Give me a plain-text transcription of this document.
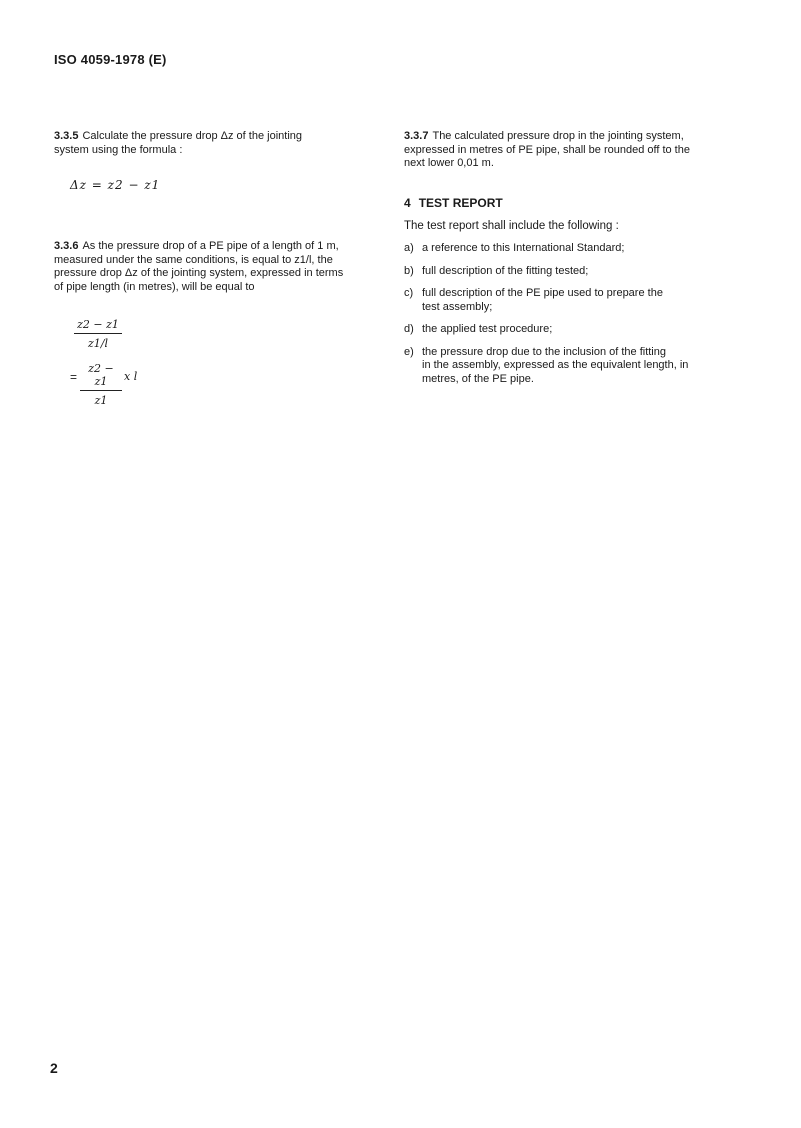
ISO 4059-1978 (E)

3.3.5 Calculate the pressure drop Δz of the jointing
system using the formula :

Δz = z2 − z1

3.3.6 As the pressure drop of a PE pipe of a length of 1 m,
measured under the same conditions, is equal to z1/l, the
pressure drop Δz of the jointing system, expressed in terms
of pipe length (in metres), will be equal to

$\frac{z2 - z1}{z1/l}$
= $\frac{z2 - z1}{z1}$ x l

3.3.7 The calculated pressure drop in the jointing system,
expressed in metres of PE pipe, shall be rounded off to the
next lower 0,01 m.

4 TEST REPORT

The test report shall include the following :

a) a reference to this International Standard;
b) full description of the fitting tested;
c) full description of the PE pipe used to prepare the
test assembly;
d) the applied test procedure;
e) the pressure drop due to the inclusion of the fitting
in the assembly, expressed as the equivalent length, in
metres, of the PE pipe.
2
